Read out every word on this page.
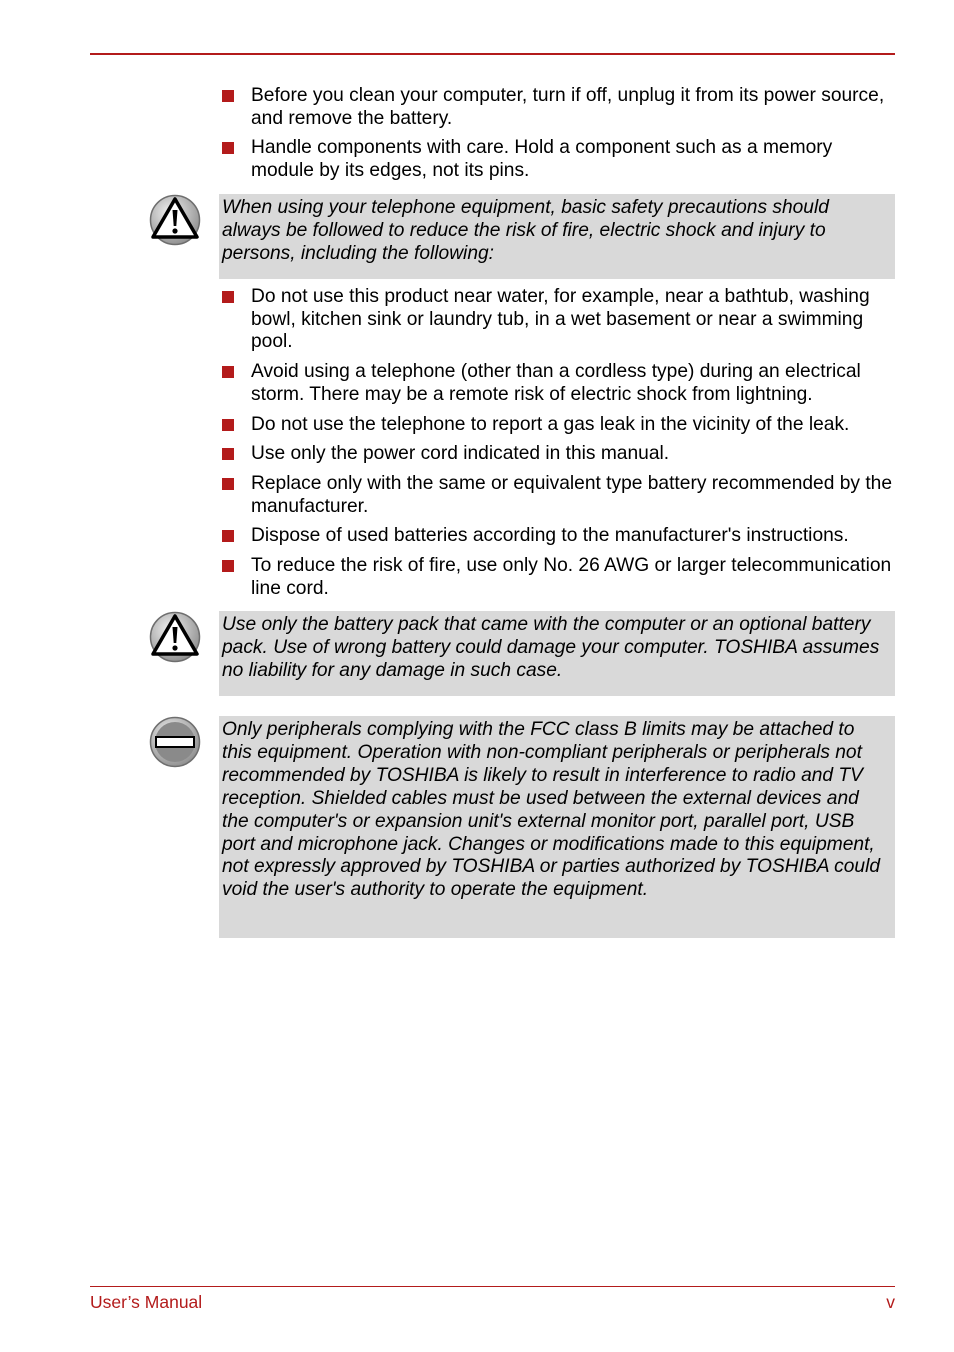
Before you clean your computer, turn if off, unplug it from its power source, and remove the battery.
Handle components with care. Hold a component such as a memory module by its edges, not its pins.
When using your telephone equipment, basic safety precautions should always be followed to reduce the risk of fire, electric shock and injury to persons, including the following:
Do not use this product near water, for example, near a bathtub, washing bowl, kitchen sink or laundry tub, in a wet basement or near a swimming pool.
Avoid using a telephone (other than a cordless type) during an electrical storm. There may be a remote risk of electric shock from lightning.
Do not use the telephone to report a gas leak in the vicinity of the leak.
Use only the power cord indicated in this manual.
Replace only with the same or equivalent type battery recommended by the manufacturer.
Dispose of used batteries according to the manufacturer's instructions.
To reduce the risk of fire, use only No. 26 AWG or larger telecommunication line cord.
Use only the battery pack that came with the computer or an optional battery pack. Use of wrong battery could damage your computer. TOSHIBA assumes no liability for any damage in such case.
Only peripherals complying with the FCC class B limits may be attached to this equipment. Operation with non-compliant peripherals or peripherals not recommended by TOSHIBA is likely to result in interference to radio and TV reception. Shielded cables must be used between the external devices and the computer's or expansion unit's external monitor port, parallel port, USB port and microphone jack. Changes or modifications made to this equipment, not expressly approved by TOSHIBA or parties authorized by TOSHIBA could void the user's authority to operate the equipment.
User’s Manual	v
